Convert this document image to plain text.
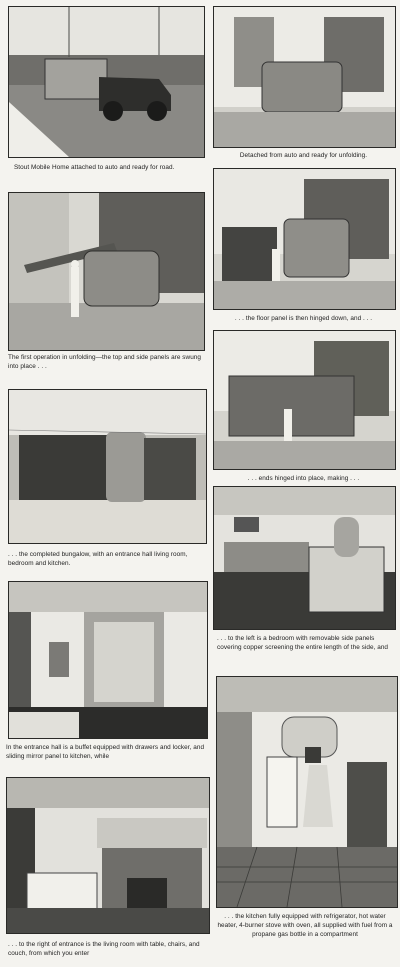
Stout Mobile Home attached to auto and ready for road.
The first operation in unfolding—the top and side panels are swung into place . . .
. . . the completed bungalow, with an entrance hall living room, bedroom and kitchen.
In the entrance hall is a buffet equipped with drawers and locker, and sliding mirror panel to kitchen, while
. . . to the right of entrance is the living room with table, chairs, and couch, from which you enter
Detached from auto and ready for unfolding.
. . . the floor panel is then hinged down, and . . .
. . . ends hinged into place, making . . .
. . . to the left is a bedroom with removable side panels covering copper screening the entire length of the side, and
. . . the kitchen fully equipped with refrigerator, hot water heater, 4-burner stove with oven, all supplied with fuel from a propane gas bottle in a compartment
